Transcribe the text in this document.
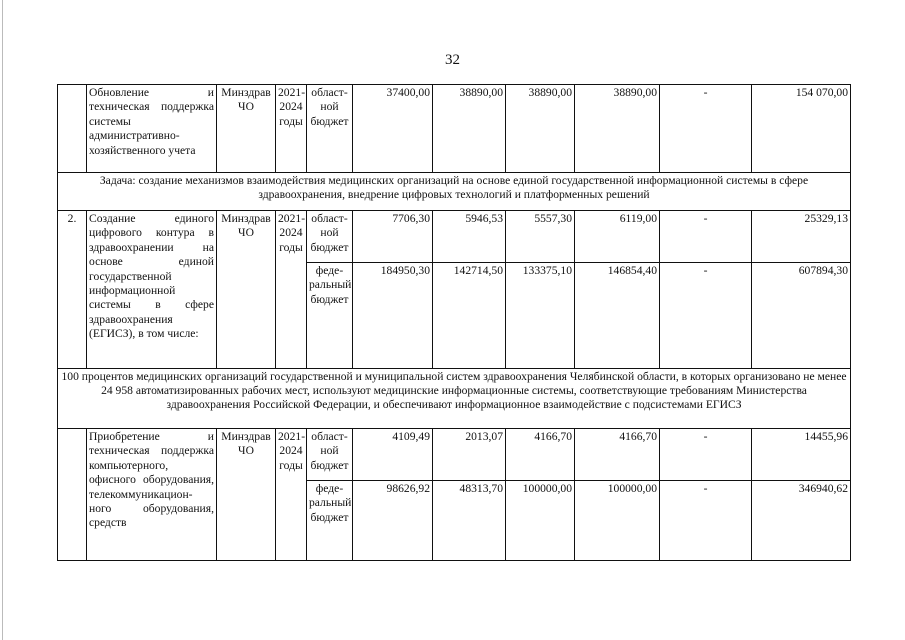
32
	Обновление и техническая поддержка системы административно-хозяйственного учета	Минздрав ЧО	2021-2024 годы	област-ной бюджет	37400,00	38890,00	38890,00	38890,00	-	154 070,00
Задача: создание механизмов взаимодействия медицинских организаций на основе единой государственной информационной системы в сфере здравоохранения, внедрение цифровых технологий и платформенных решений										
2.	Создание единого цифрового контура в здравоохранении на основе единой государственной информационной системы в сфере здравоохранения (ЕГИСЗ), в том числе:	Минздрав ЧО	2021-2024 годы	област-ной бюджет	7706,30	5946,53	5557,30	6119,00	-	25329,13
				феде-ральный бюджет	184950,30	142714,50	133375,10	146854,40	-	607894,30
100 процентов медицинских организаций государственной и муниципальной систем здравоохранения Челябинской области, в которых организовано не менее 24 958 автоматизированных рабочих мест, используют медицинские информационные системы, соответствующие требованиям Министерства здравоохранения Российской Федерации, и обеспечивают информационное взаимодействие с подсистемами ЕГИСЗ										
	Приобретение и техническая поддержка компьютерного, офисного оборудования, телекоммуникацион-ного оборудования, средств	Минздрав ЧО	2021-2024 годы	област-ной бюджет	4109,49	2013,07	4166,70	4166,70	-	14455,96
				феде-ральный бюджет	98626,92	48313,70	100000,00	100000,00	-	346940,62
